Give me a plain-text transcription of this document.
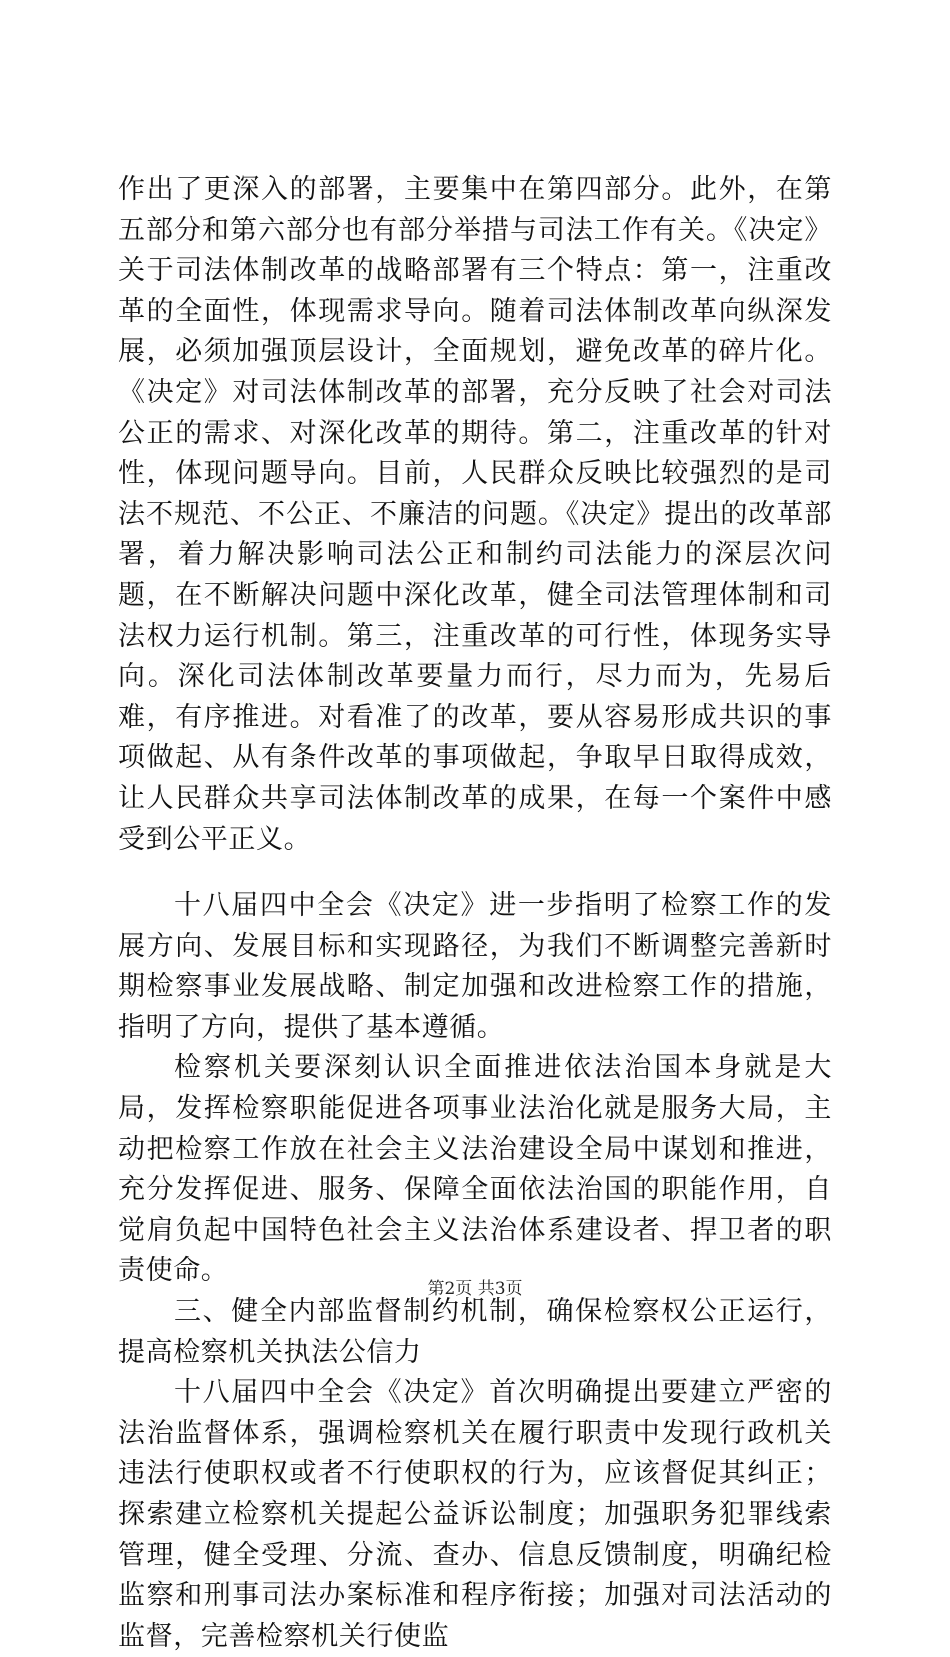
作出了更深入的部署，主要集中在第四部分。此外，在第五部分和第六部分也有部分举措与司法工作有关。《决定》关于司法体制改革的战略部署有三个特点：第一，注重改革的全面性，体现需求导向。随着司法体制改革向纵深发展，必须加强顶层设计，全面规划，避免改革的碎片化。《决定》对司法体制改革的部署，充分反映了社会对司法公正的需求、对深化改革的期待。第二，注重改革的针对性，体现问题导向。目前，人民群众反映比较强烈的是司法不规范、不公正、不廉洁的问题。《决定》提出的改革部署，着力解决影响司法公正和制约司法能力的深层次问题，在不断解决问题中深化改革，健全司法管理体制和司法权力运行机制。第三，注重改革的可行性，体现务实导向。深化司法体制改革要量力而行，尽力而为，先易后难，有序推进。对看准了的改革，要从容易形成共识的事项做起、从有条件改革的事项做起，争取早日取得成效，让人民群众共享司法体制改革的成果，在每一个案件中感受到公平正义。

十八届四中全会《决定》进一步指明了检察工作的发展方向、发展目标和实现路径，为我们不断调整完善新时期检察事业发展战略、制定加强和改进检察工作的措施，指明了方向，提供了基本遵循。

检察机关要深刻认识全面推进依法治国本身就是大局，发挥检察职能促进各项事业法治化就是服务大局，主动把检察工作放在社会主义法治建设全局中谋划和推进，充分发挥促进、服务、保障全面依法治国的职能作用，自觉肩负起中国特色社会主义法治体系建设者、捍卫者的职责使命。

三、健全内部监督制约机制，确保检察权公正运行，提高检察机关执法公信力

十八届四中全会《决定》首次明确提出要建立严密的法治监督体系，强调检察机关在履行职责中发现行政机关违法行使职权或者不行使职权的行为，应该督促其纠正；探索建立检察机关提起公益诉讼制度；加强职务犯罪线索管理，健全受理、分流、查办、信息反馈制度，明确纪检监察和刑事司法办案标准和程序衔接；加强对司法活动的监督，完善检察机关行使监

第2页 共3页
